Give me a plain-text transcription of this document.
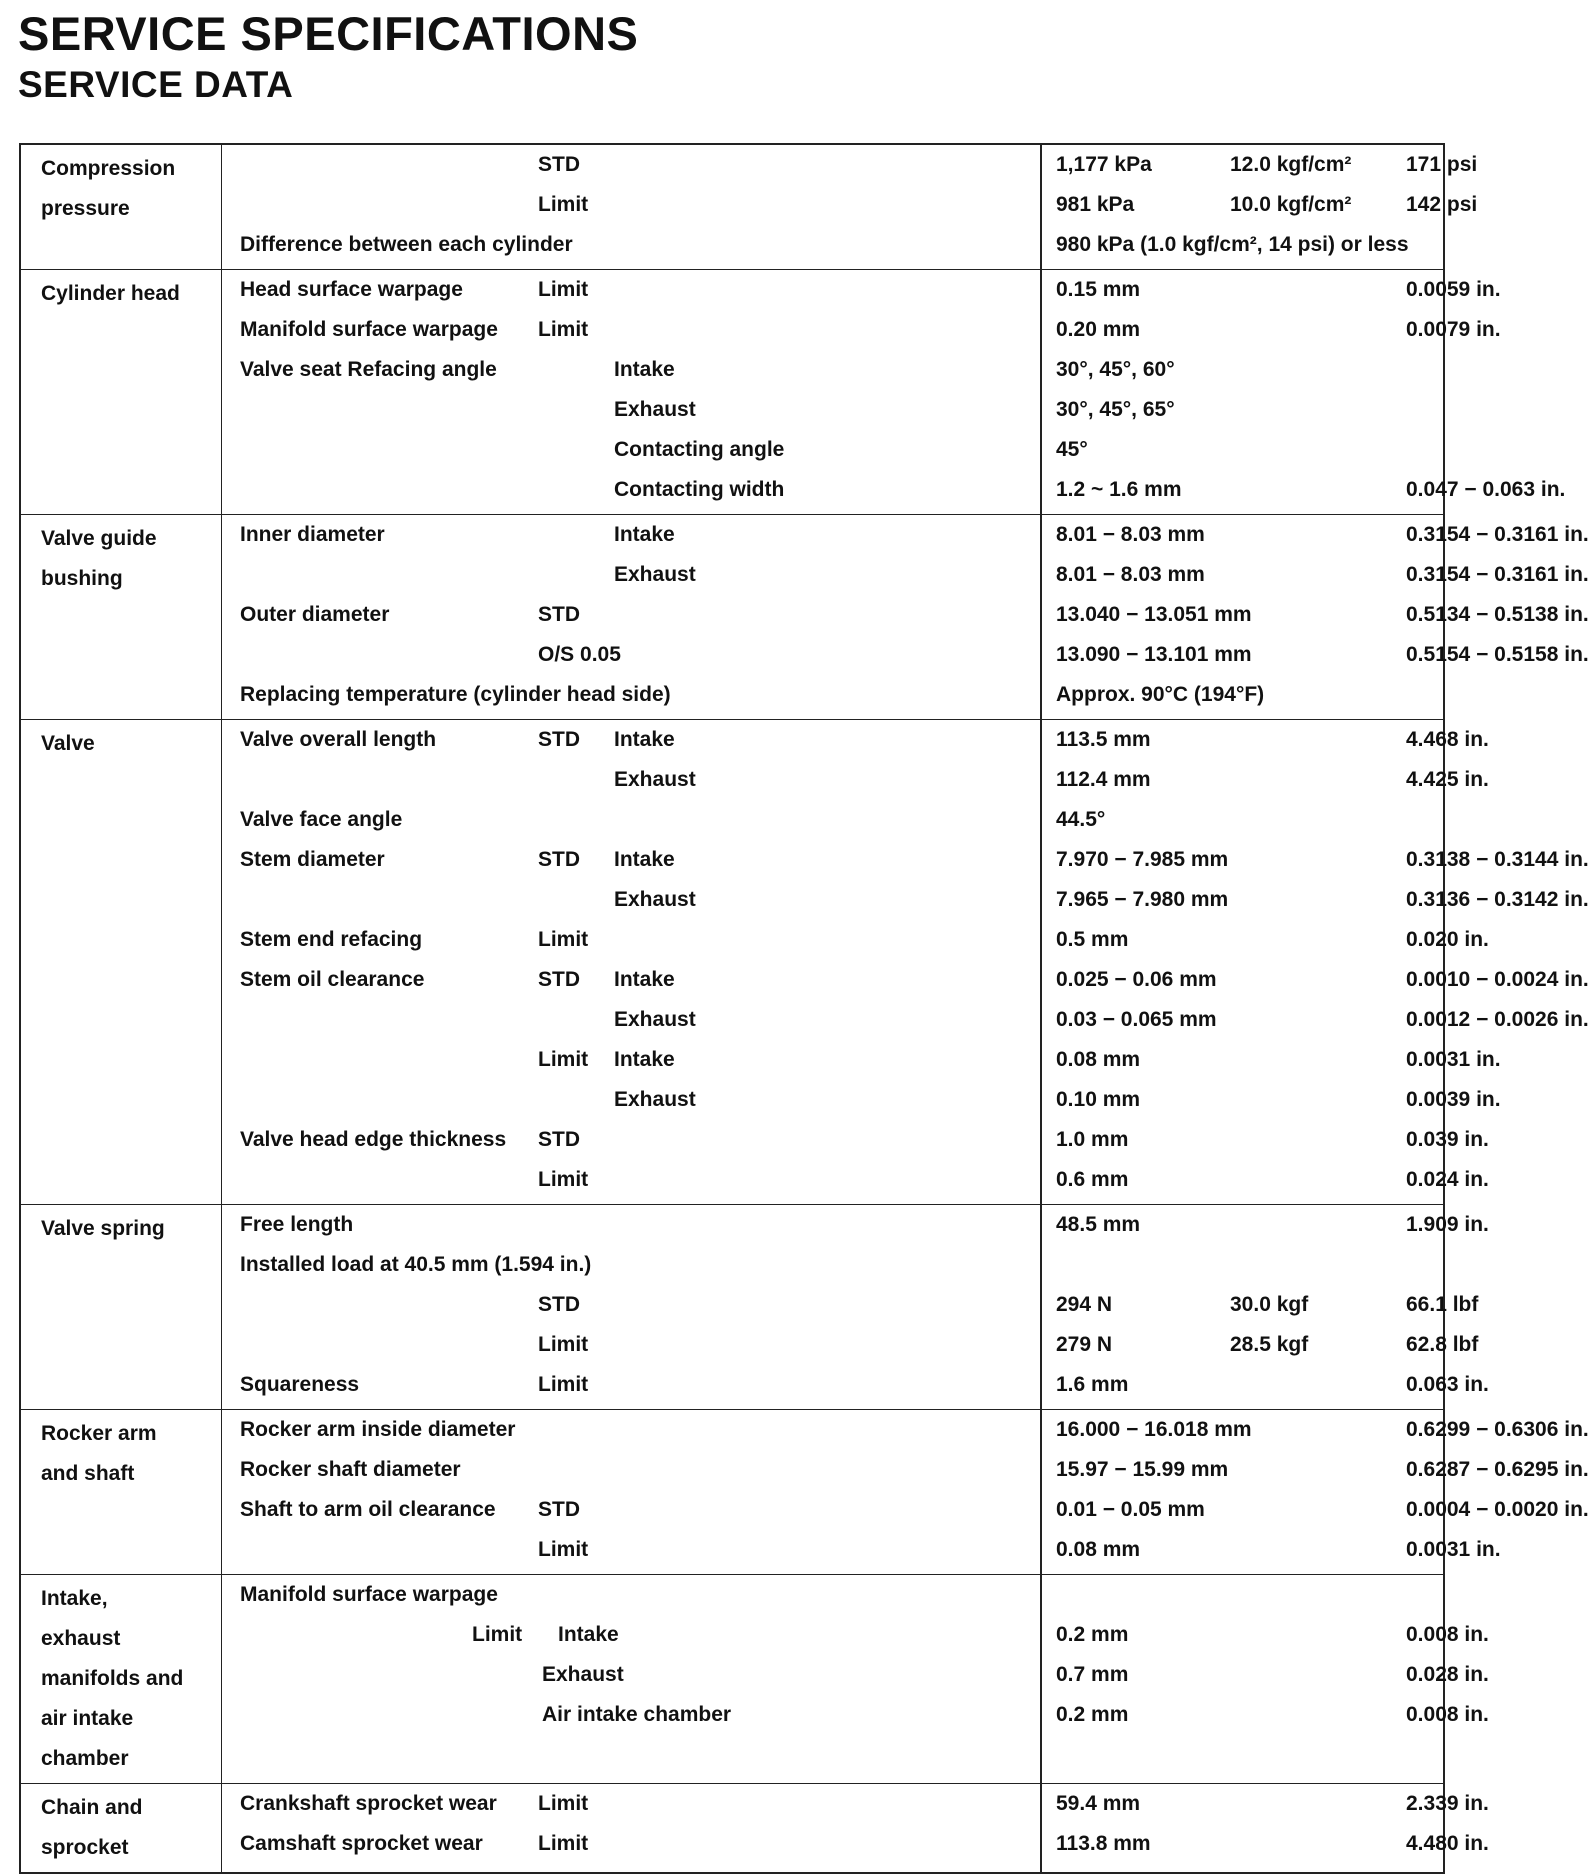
SERVICE SPECIFICATIONS
SERVICE DATA
Compression
pressure
STD	1,177 kPa	12.0 kgf/cm²	171 psi
Limit	981 kPa	10.0 kgf/cm²	142 psi
Difference between each cylinder	980 kPa (1.0 kgf/cm², 14 psi) or less
Cylinder head	Head surface warpage	Limit	0.15 mm	0.0059 in.
Manifold surface warpage Limit	0.20 mm	0.0079 in.
Valve seat Refacing angle	Intake	30°, 45°, 60°
Exhaust	30°, 45°, 65°
Contacting angle	45°
Contacting width	1.2 ~ 1.6 mm	0.047 − 0.063 in.
Valve guide
bushing
Inner diameter	Intake	8.01 − 8.03 mm	0.3154 − 0.3161 in.
Exhaust	8.01 − 8.03 mm	0.3154 − 0.3161 in.
Outer diameter	STD	13.040 − 13.051 mm	0.5134 − 0.5138 in.
O/S 0.05	13.090 − 13.101 mm	0.5154 − 0.5158 in.
Replacing temperature (cylinder head side)	Approx. 90°C (194°F)
Valve	Valve overall length	STD Intake	113.5 mm	4.468 in.
Exhaust	112.4 mm	4.425 in.
Valve face angle	44.5°
Stem diameter	STD Intake	7.970 − 7.985 mm	0.3138 − 0.3144 in.
Exhaust	7.965 − 7.980 mm	0.3136 − 0.3142 in.
Stem end refacing	Limit	0.5 mm	0.020 in.
Stem oil clearance	STD Intake	0.025 − 0.06 mm	0.0010 − 0.0024 in.
Exhaust	0.03 − 0.065 mm	0.0012 − 0.0026 in.
Limit Intake	0.08 mm	0.0031 in.
Exhaust	0.10 mm	0.0039 in.
Valve head edge thickness STD	1.0 mm	0.039 in.
Limit	0.6 mm	0.024 in.
Valve spring	Free length	48.5 mm	1.909 in.
Installed load at 40.5 mm (1.594 in.)
STD	294 N	30.0 kgf	66.1 lbf
Limit	279 N	28.5 kgf	62.8 lbf
Squareness	Limit	1.6 mm	0.063 in.
Rocker arm
and shaft
Rocker arm inside diameter	16.000 − 16.018 mm	0.6299 − 0.6306 in.
Rocker shaft diameter	15.97 − 15.99 mm	0.6287 − 0.6295 in.
Shaft to arm oil clearance STD	0.01 − 0.05 mm	0.0004 − 0.0020 in.
Limit	0.08 mm	0.0031 in.
Intake,
exhaust
manifolds and
air intake
chamber
Manifold surface warpage
Limit Intake	0.2 mm	0.008 in.
Exhaust	0.7 mm	0.028 in.
Air intake chamber	0.2 mm	0.008 in.
Chain and
sprocket
Crankshaft sprocket wear Limit	59.4 mm	2.339 in.
Camshaft sprocket wear	Limit	113.8 mm	4.480 in.
